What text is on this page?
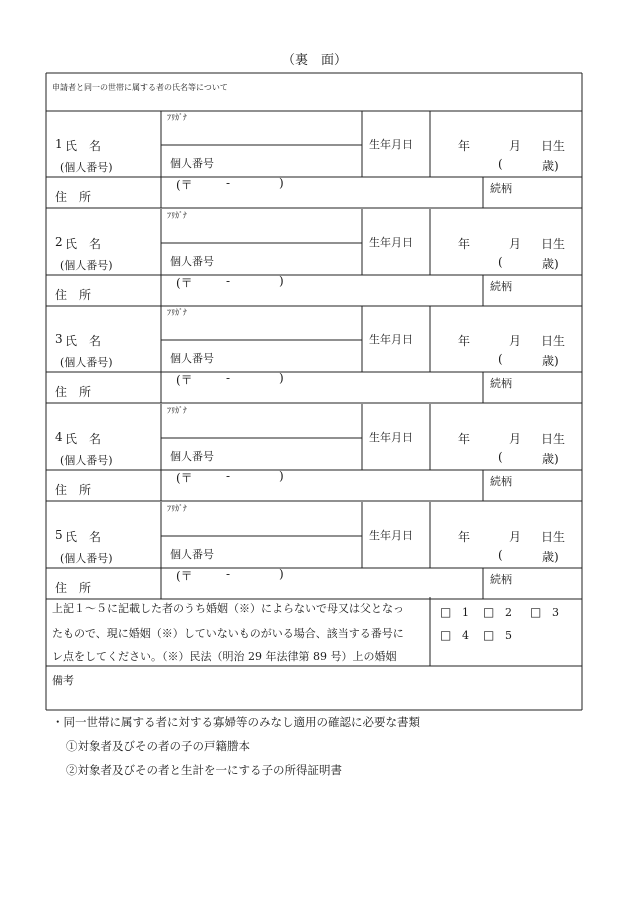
（裏　面）
申請者と同一の世帯に属する者の氏名等について
1 氏　名
(個人番号)
ﾌﾘｶﾞﾅ
個人番号
生年月日	年	月 日生
(	歳)
住　所
(〒	-	)	続柄
2 氏　名
(個人番号)
ﾌﾘｶﾞﾅ
個人番号
生年月日	年	月 日生
(	歳)
住　所
(〒	-	)	続柄
3 氏　名
(個人番号)
ﾌﾘｶﾞﾅ
個人番号
生年月日	年	月 日生
(	歳)
住　所
(〒	-	)	続柄
4 氏　名
(個人番号)
ﾌﾘｶﾞﾅ
個人番号
生年月日	年	月 日生
(	歳)
住　所
(〒	-	)	続柄
5 氏　名
(個人番号)
ﾌﾘｶﾞﾅ
個人番号
生年月日	年	月 日生
(	歳)
住　所
(〒	-	)	続柄
上記１～５に記載した者のうち婚姻（※）によらないで母又は父となっ
たもので、現に婚姻（※）していないものがいる場合、該当する番号に
レ点をしてください。（※）民法（明治 29 年法律第 89 号）上の婚姻
□ 1 □ 2 □ 3
□ 4 □ 5
備考
・同一世帯に属する者に対する寡婦等のみなし適用の確認に必要な書類
①対象者及びその者の子の戸籍謄本
②対象者及びその者と生計を一にする子の所得証明書
